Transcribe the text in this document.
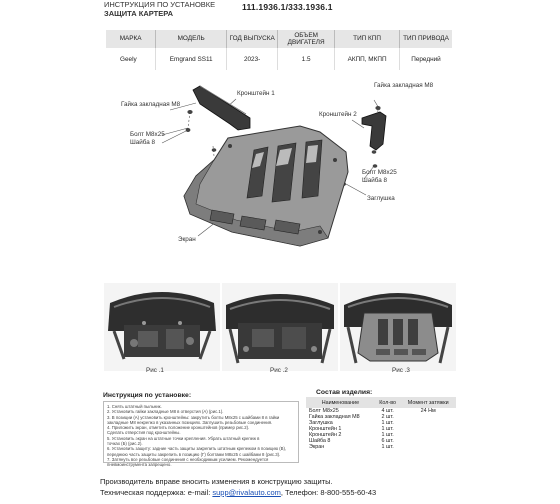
ИНСТРУКЦИЯ ПО УСТАНОВКЕ
ЗАЩИТА КАРТЕРА
111.1936.1/333.1936.1
МАРКА	МОДЕЛЬ	ГОД ВЫПУСКА	ОБЪЕМ ДВИГАТЕЛЯ	ТИП КПП	ТИП ПРИВОДА
Geely	Emgrand SS11	2023-	1.5	АКПП, МКПП	Передний
Гайка закладная М8
Кронштейн 1
Болт М8х25
Шайба 8
Гайка закладная М8
Кронштейн 2
Болт М8х25
Шайба 8
Заглушка
Экран
Рис .1	Рис .2	Рис .3
Инструкция по установке:
1. Снять штатный пыльник.
2. Установить гайки закладные М8 в отверстия (А) (рис.1).
3. В позиции (А) установить кронштейны: закрутить болты М8х25 с шайбами 8 в гайки
закладные М8 некрепко в указанных позициях. Заглушить резьбовые соединения.
4. Приложить экран, отметить положение кронштейнов (пример рис.2).
Сделать отверстия под кронштейны.
5. Установить экран на штатные точки крепления. Убрать штатный крепеж в
точках (Б) (рис.2).
6. Установить защиту: задние часть защиты закрепить штатным крепежом в позицию (В),
переднюю часть защиты закрепить в позицию (Г) болтами М8х25 с шайбами 8 (рис.3).
7. Затянуть все резьбовые соединения с необходимым усилием. Рекомендуется
пневмоинструмента запрещено.
Состав изделия:
Наименование	Кол-во	Момент затяжки
Болт М8х25	4 шт.	24 Нм
Гайка закладная М8	2 шт.	
Заглушка	1 шт.	
Кронштейн 1	1 шт.	
Кронштейн 2	1 шт.	
Шайба 8	6 шт.	
Экран	1 шт.	
Производитель вправе вносить изменения в конструкцию защиты.
Техническая поддержка: e-mail: supp@rivalauto.com, Телефон: 8-800-555-60-43
